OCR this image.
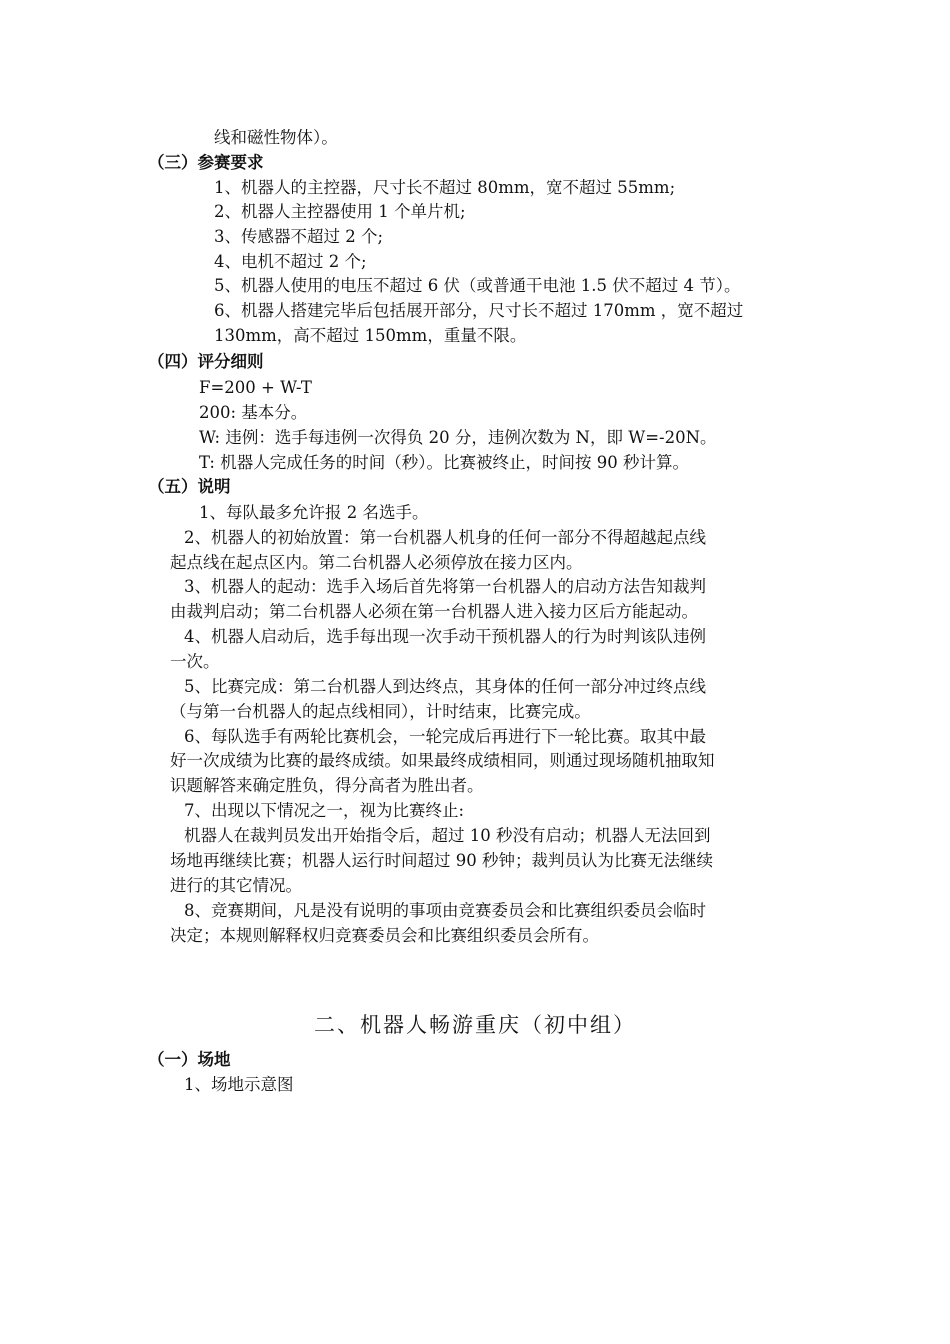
线和磁性物体）。
（三）参赛要求
1、机器人的主控器，尺寸长不超过 80mm，宽不超过 55mm;
2、机器人主控器使用 1 个单片机;
3、传感器不超过 2 个;
4、电机不超过 2 个;
5、机器人使用的电压不超过 6 伏（或普通干电池 1.5 伏不超过 4 节）。
6、机器人搭建完毕后包括展开部分，尺寸长不超过 170mm ，宽不超过
130mm，高不超过 150mm，重量不限。
（四）评分细则
F=200 + W-T
200: 基本分。
W: 违例：选手每违例一次得负 20 分，违例次数为 N，即 W=-20N。
T: 机器人完成任务的时间（秒）。比赛被终止，时间按 90 秒计算。
（五）说明
1、每队最多允许报 2 名选手。
2、机器人的初始放置：第一台机器人机身的任何一部分不得超越起点线
起点线在起点区内。第二台机器人必须停放在接力区内。
3、机器人的起动：选手入场后首先将第一台机器人的启动方法告知裁判
由裁判启动；第二台机器人必须在第一台机器人进入接力区后方能起动。
4、机器人启动后，选手每出现一次手动干预机器人的行为时判该队违例
一次。
5、比赛完成：第二台机器人到达终点，其身体的任何一部分冲过终点线
（与第一台机器人的起点线相同），计时结束，比赛完成。
6、每队选手有两轮比赛机会，一轮完成后再进行下一轮比赛。取其中最
好一次成绩为比赛的最终成绩。如果最终成绩相同，则通过现场随机抽取知
识题解答来确定胜负，得分高者为胜出者。
7、出现以下情况之一，视为比赛终止:
机器人在裁判员发出开始指令后，超过 10 秒没有启动；机器人无法回到
场地再继续比赛；机器人运行时间超过 90 秒钟；裁判员认为比赛无法继续
进行的其它情况。
8、竞赛期间，凡是没有说明的事项由竞赛委员会和比赛组织委员会临时
决定；本规则解释权归竞赛委员会和比赛组织委员会所有。
二、机器人畅游重庆（初中组）
（一）场地
1、场地示意图
